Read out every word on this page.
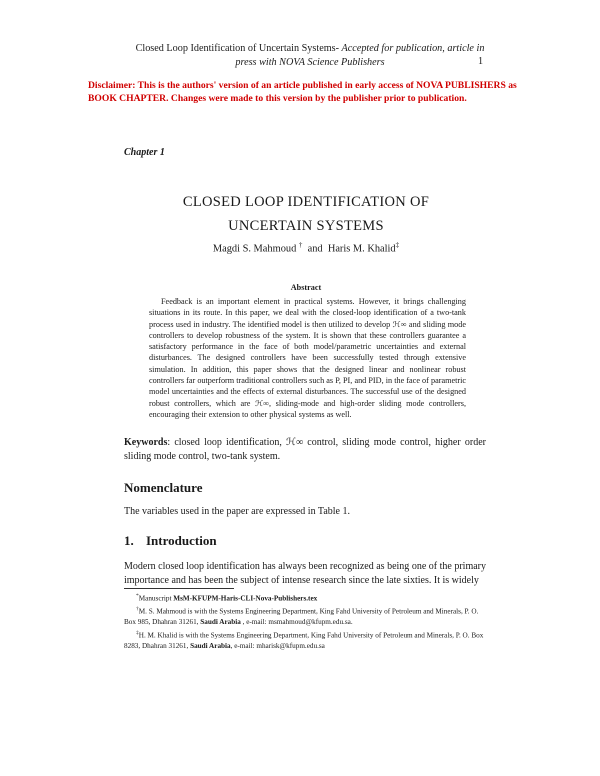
Closed Loop Identification of Uncertain Systems- Accepted for publication, article in
press with NOVA Science Publishers	1
Disclaimer: This is the authors' version of an article published in early access of NOVA PUBLISHERS as BOOK CHAPTER. Changes were made to this version by the publisher prior to publication.
Chapter 1
CLOSED LOOP IDENTIFICATION OF
UNCERTAIN SYSTEMS
Magdi S. Mahmoud † and Haris M. Khalid‡
Abstract
Feedback is an important element in practical systems. However, it brings challenging situations in its route. In this paper, we deal with the closed-loop identification of a two-tank process used in industry. The identified model is then utilized to develop ℋ∞ and sliding mode controllers to develop robustness of the system. It is shown that these controllers guarantee a satisfactory performance in the face of both model/parametric uncertainties and external disturbances. The designed controllers have been successfully tested through extensive simulation. In addition, this paper shows that the designed linear and nonlinear robust controllers far outperform traditional controllers such as P, PI, and PID, in the face of parametric model uncertainties and the effects of external disturbances. The successful use of the designed robust controllers, which are ℋ∞, sliding-mode and high-order sliding mode controllers, encouraging their extension to other physical systems as well.
Keywords: closed loop identification, ℋ∞ control, sliding mode control, higher order sliding mode control, two-tank system.
Nomenclature
The variables used in the paper are expressed in Table 1.
1. Introduction
Modern closed loop identification has always been recognized as being one of the primary importance and has been the subject of intense research since the late sixties. It is widely

*Manuscript MsM-KFUPM-Haris-CLI-Nova-Publishers.tex

†M. S. Mahmoud is with the Systems Engineering Department, King Fahd University of Petroleum and Minerals, P. O. Box 985, Dhahran 31261, Saudi Arabia , e-mail: msmahmoud@kfupm.edu.sa.

‡H. M. Khalid is with the Systems Engineering Department, King Fahd University of Petroleum and Minerals, P. O. Box 8283, Dhahran 31261, Saudi Arabia, e-mail: mharisk@kfupm.edu.sa
